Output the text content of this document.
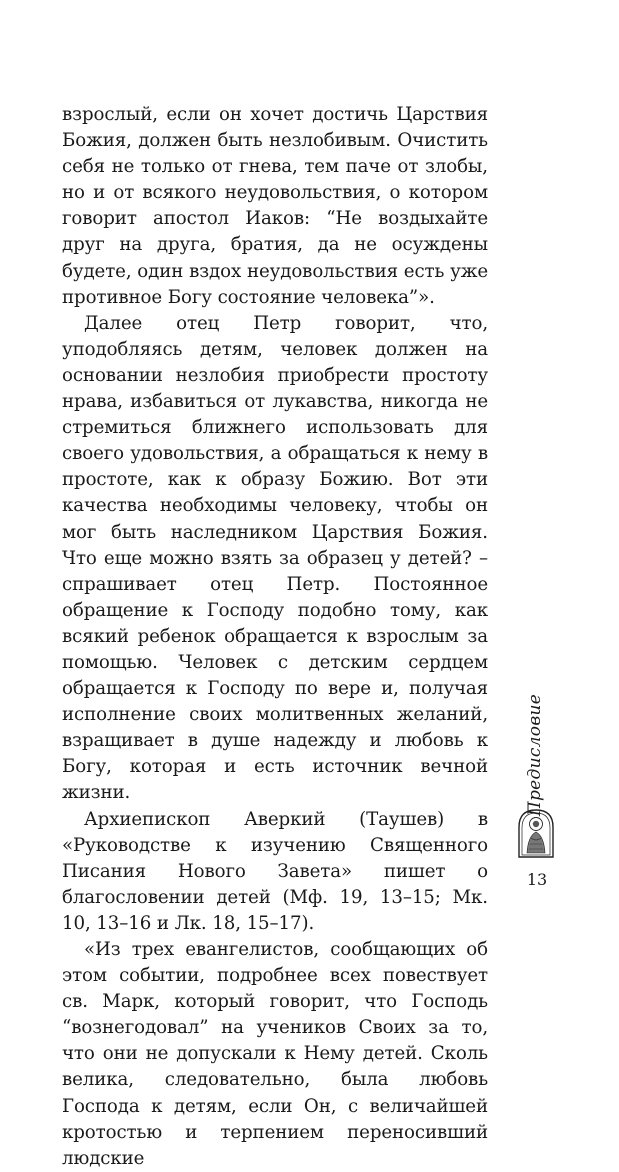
взрослый, если он хочет достичь Царствия Божия, должен быть незлобивым. Очистить себя не только от гнева, тем паче от злобы, но и от всякого неудовольствия, о котором говорит апостол Иаков: “Не воздыхайте друг на друга, братия, да не осуждены будете, один вздох неудовольствия есть уже противное Богу состояние человека”».

Далее отец Петр говорит, что, уподобляясь детям, человек должен на основании незлобия приобрести простоту нрава, избавиться от лукавства, никогда не стремиться ближнего использовать для своего удовольствия, а обращаться к нему в простоте, как к образу Божию. Вот эти качества необходимы человеку, чтобы он мог быть наследником Царствия Божия. Что еще можно взять за образец у детей? – спрашивает отец Петр. Постоянное обращение к Господу подобно тому, как всякий ребенок обращается к взрослым за помощью. Человек с детским сердцем обращается к Господу по вере и, получая исполнение своих молитвенных желаний, взращивает в душе надежду и любовь к Богу, которая и есть источник вечной жизни.

Архиепископ Аверкий (Таушев) в «Руководстве к изучению Священного Писания Нового Завета» пишет о благословении детей (Мф. 19, 13–15; Мк. 10, 13–16 и Лк. 18, 15–17).

«Из трех евангелистов, сообщающих об этом событии, подробнее всех повествует св. Марк, который говорит, что Господь “вознегодовал” на учеников Своих за то, что они не допускали к Нему детей. Сколь велика, следовательно, была любовь Господа к детям, если Он, с величайшей кротостью и терпением переносивший людские

Предисловие
13
